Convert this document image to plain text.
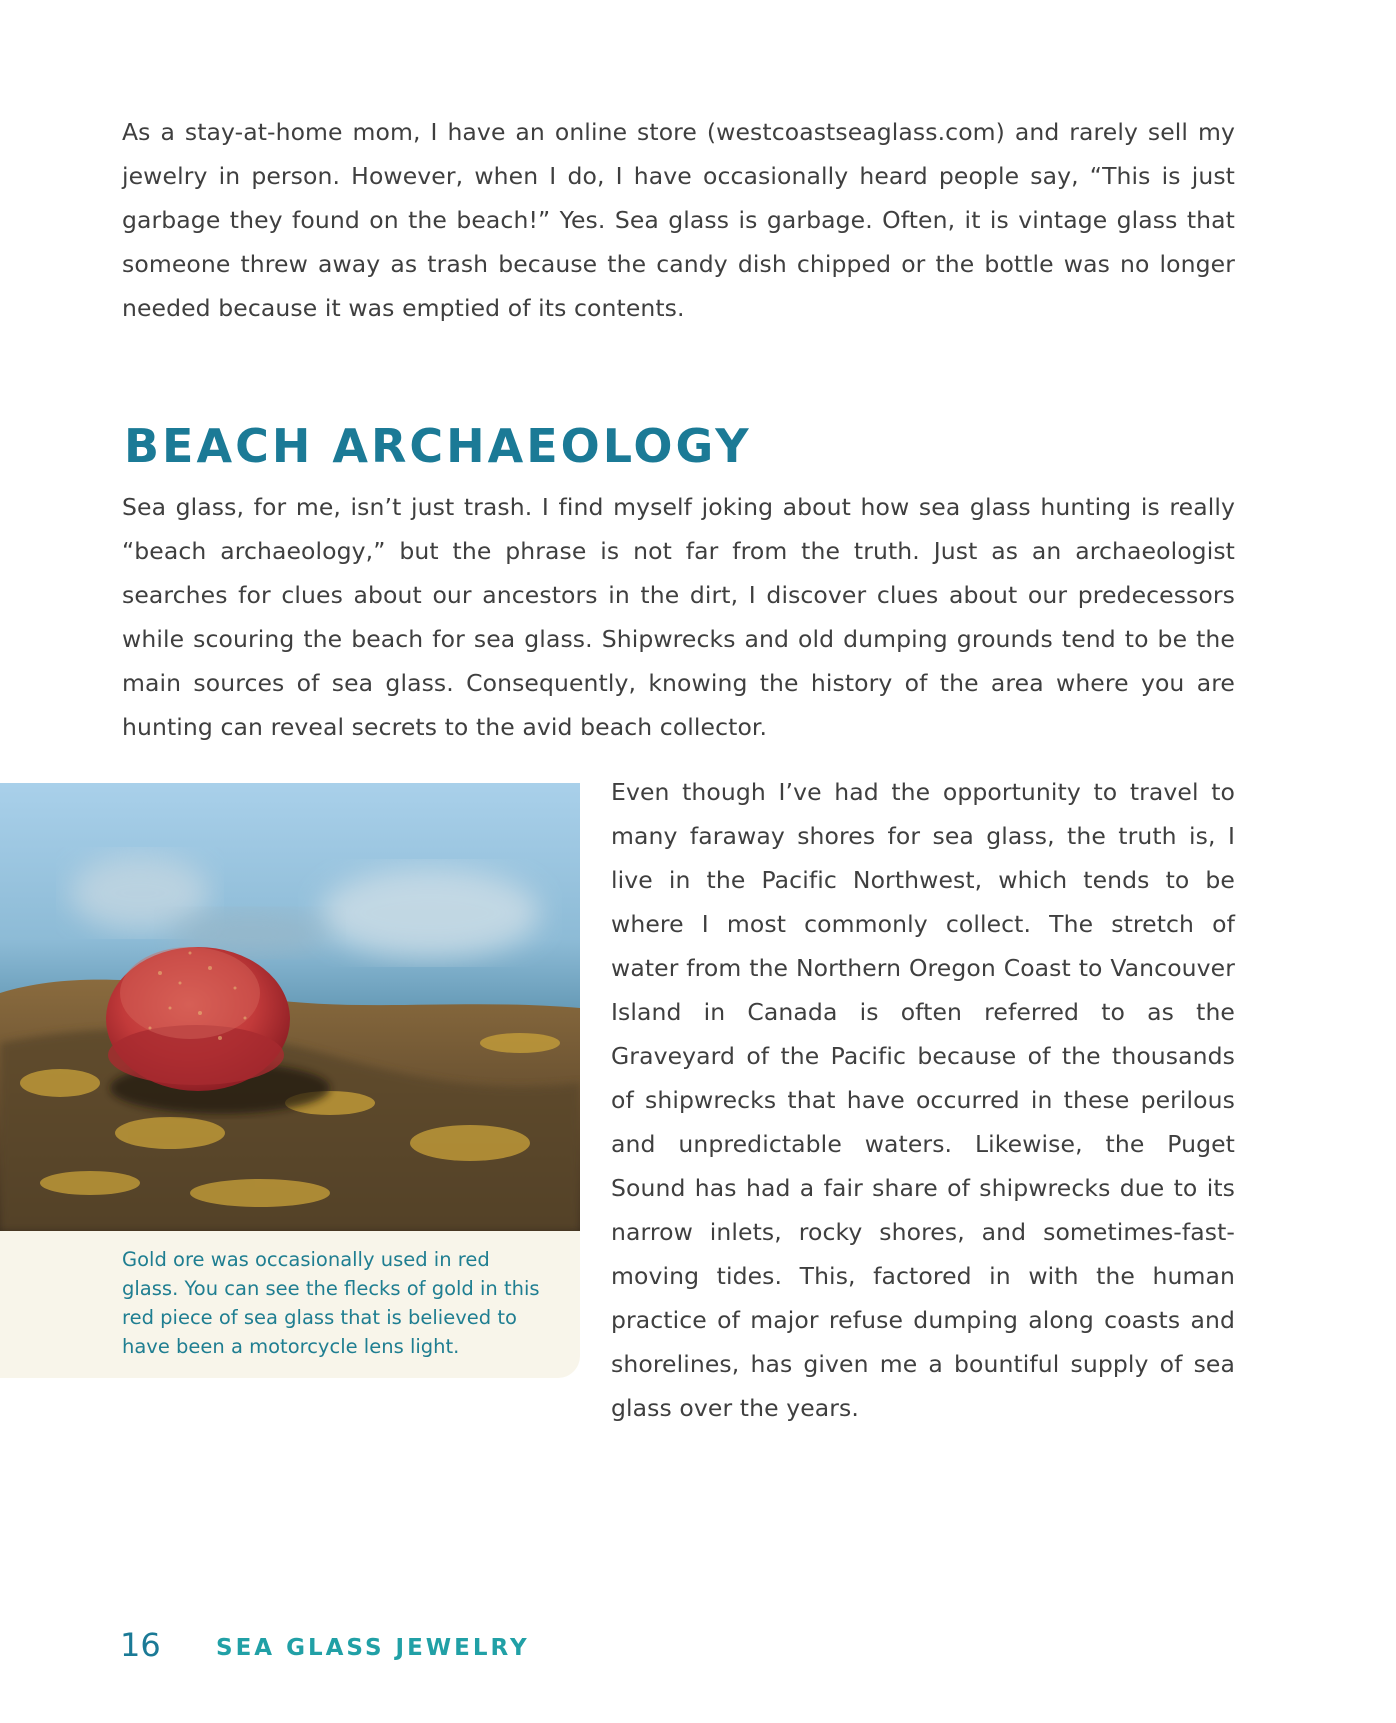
As a stay-at-home mom, I have an online store (westcoastseaglass.com) and rarely sell my jewelry in person. However, when I do, I have occasionally heard people say, “This is just garbage they found on the beach!” Yes. Sea glass is garbage. Often, it is vintage glass that someone threw away as trash because the candy dish chipped or the bottle was no longer needed because it was emptied of its contents.

BEACH ARCHAEOLOGY

Sea glass, for me, isn’t just trash. I find myself joking about how sea glass hunting is really “beach archaeology,” but the phrase is not far from the truth. Just as an archaeologist searches for clues about our ancestors in the dirt, I discover clues about our predecessors while scouring the beach for sea glass. Shipwrecks and old dumping grounds tend to be the main sources of sea glass. Consequently, knowing the history of the area where you are hunting can reveal secrets to the avid beach collector.

Gold ore was occasionally used in red glass. You can see the flecks of gold in this red piece of sea glass that is believed to have been a motorcycle lens light.

Even though I’ve had the opportunity to travel to many faraway shores for sea glass, the truth is, I live in the Pacific Northwest, which tends to be where I most commonly collect. The stretch of water from the Northern Oregon Coast to Vancouver Island in Canada is often referred to as the Graveyard of the Pacific because of the thousands of shipwrecks that have occurred in these perilous and unpredictable waters. Likewise, the Puget Sound has had a fair share of shipwrecks due to its narrow inlets, rocky shores, and sometimes-fast-moving tides. This, factored in with the human practice of major refuse dumping along coasts and shorelines, has given me a bountiful supply of sea glass over the years.

16 SEA GLASS JEWELRY
